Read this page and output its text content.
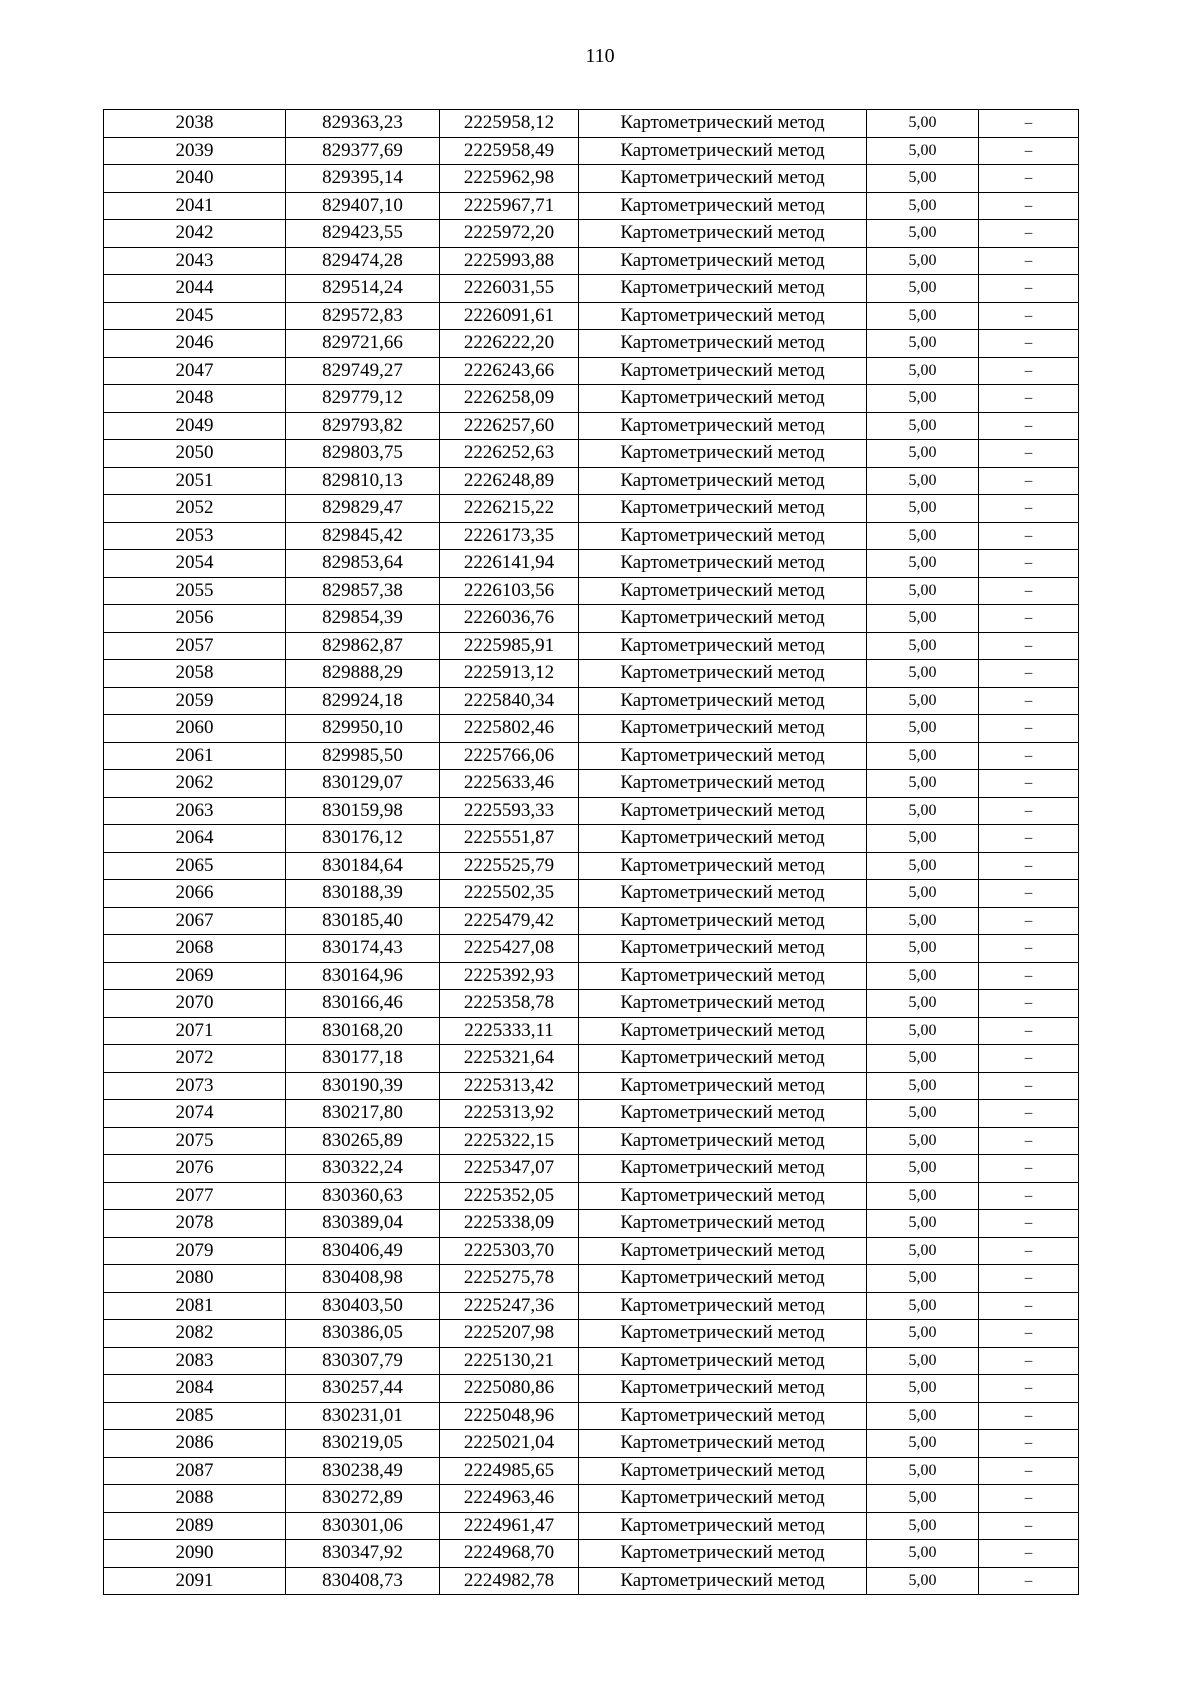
110
2038	829363,23	2225958,12	Картометрический метод	5,00	–
2039	829377,69	2225958,49	Картометрический метод	5,00	–
2040	829395,14	2225962,98	Картометрический метод	5,00	–
2041	829407,10	2225967,71	Картометрический метод	5,00	–
2042	829423,55	2225972,20	Картометрический метод	5,00	–
2043	829474,28	2225993,88	Картометрический метод	5,00	–
2044	829514,24	2226031,55	Картометрический метод	5,00	–
2045	829572,83	2226091,61	Картометрический метод	5,00	–
2046	829721,66	2226222,20	Картометрический метод	5,00	–
2047	829749,27	2226243,66	Картометрический метод	5,00	–
2048	829779,12	2226258,09	Картометрический метод	5,00	–
2049	829793,82	2226257,60	Картометрический метод	5,00	–
2050	829803,75	2226252,63	Картометрический метод	5,00	–
2051	829810,13	2226248,89	Картометрический метод	5,00	–
2052	829829,47	2226215,22	Картометрический метод	5,00	–
2053	829845,42	2226173,35	Картометрический метод	5,00	–
2054	829853,64	2226141,94	Картометрический метод	5,00	–
2055	829857,38	2226103,56	Картометрический метод	5,00	–
2056	829854,39	2226036,76	Картометрический метод	5,00	–
2057	829862,87	2225985,91	Картометрический метод	5,00	–
2058	829888,29	2225913,12	Картометрический метод	5,00	–
2059	829924,18	2225840,34	Картометрический метод	5,00	–
2060	829950,10	2225802,46	Картометрический метод	5,00	–
2061	829985,50	2225766,06	Картометрический метод	5,00	–
2062	830129,07	2225633,46	Картометрический метод	5,00	–
2063	830159,98	2225593,33	Картометрический метод	5,00	–
2064	830176,12	2225551,87	Картометрический метод	5,00	–
2065	830184,64	2225525,79	Картометрический метод	5,00	–
2066	830188,39	2225502,35	Картометрический метод	5,00	–
2067	830185,40	2225479,42	Картометрический метод	5,00	–
2068	830174,43	2225427,08	Картометрический метод	5,00	–
2069	830164,96	2225392,93	Картометрический метод	5,00	–
2070	830166,46	2225358,78	Картометрический метод	5,00	–
2071	830168,20	2225333,11	Картометрический метод	5,00	–
2072	830177,18	2225321,64	Картометрический метод	5,00	–
2073	830190,39	2225313,42	Картометрический метод	5,00	–
2074	830217,80	2225313,92	Картометрический метод	5,00	–
2075	830265,89	2225322,15	Картометрический метод	5,00	–
2076	830322,24	2225347,07	Картометрический метод	5,00	–
2077	830360,63	2225352,05	Картометрический метод	5,00	–
2078	830389,04	2225338,09	Картометрический метод	5,00	–
2079	830406,49	2225303,70	Картометрический метод	5,00	–
2080	830408,98	2225275,78	Картометрический метод	5,00	–
2081	830403,50	2225247,36	Картометрический метод	5,00	–
2082	830386,05	2225207,98	Картометрический метод	5,00	–
2083	830307,79	2225130,21	Картометрический метод	5,00	–
2084	830257,44	2225080,86	Картометрический метод	5,00	–
2085	830231,01	2225048,96	Картометрический метод	5,00	–
2086	830219,05	2225021,04	Картометрический метод	5,00	–
2087	830238,49	2224985,65	Картометрический метод	5,00	–
2088	830272,89	2224963,46	Картометрический метод	5,00	–
2089	830301,06	2224961,47	Картометрический метод	5,00	–
2090	830347,92	2224968,70	Картометрический метод	5,00	–
2091	830408,73	2224982,78	Картометрический метод	5,00	–
